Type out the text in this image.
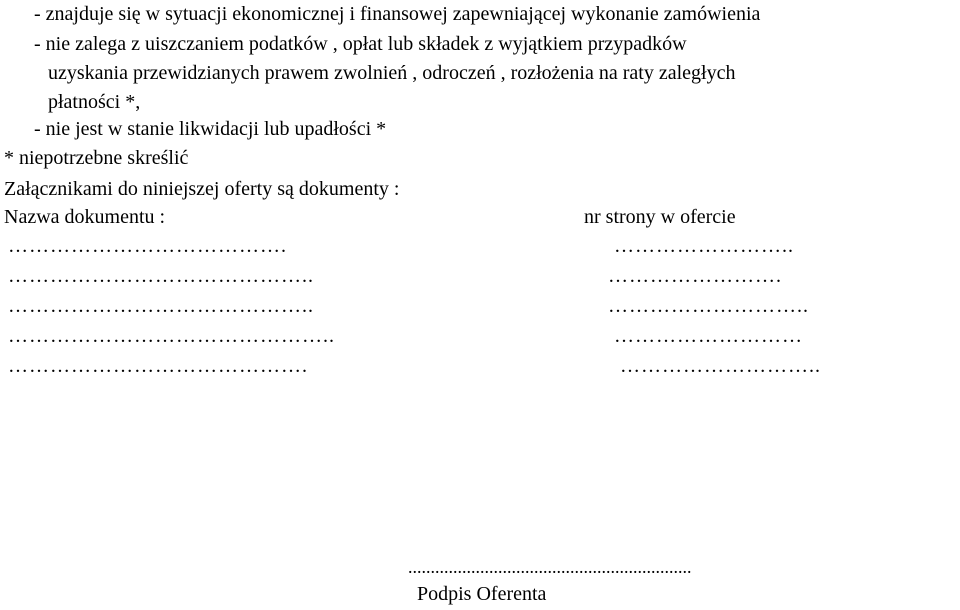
- znajduje się w sytuacji ekonomicznej i finansowej zapewniającej wykonanie zamówienia
- nie zalega z uiszczaniem podatków , opłat lub składek z wyjątkiem przypadków
uzyskania przewidzianych prawem zwolnień , odroczeń , rozłożenia na raty zaległych
płatności *,
- nie jest w stanie likwidacji lub upadłości *
* niepotrzebne skreślić
Załącznikami do niniejszej oferty są dokumenty :
Nazwa dokumentu :	nr strony w ofercie
………………………………….	……………………..
……………………………………..	…………………….
……………………………………..	………………………..
………………………………………..	………………………
…………………………………….	………………………..
...............................................................
Podpis Oferenta
